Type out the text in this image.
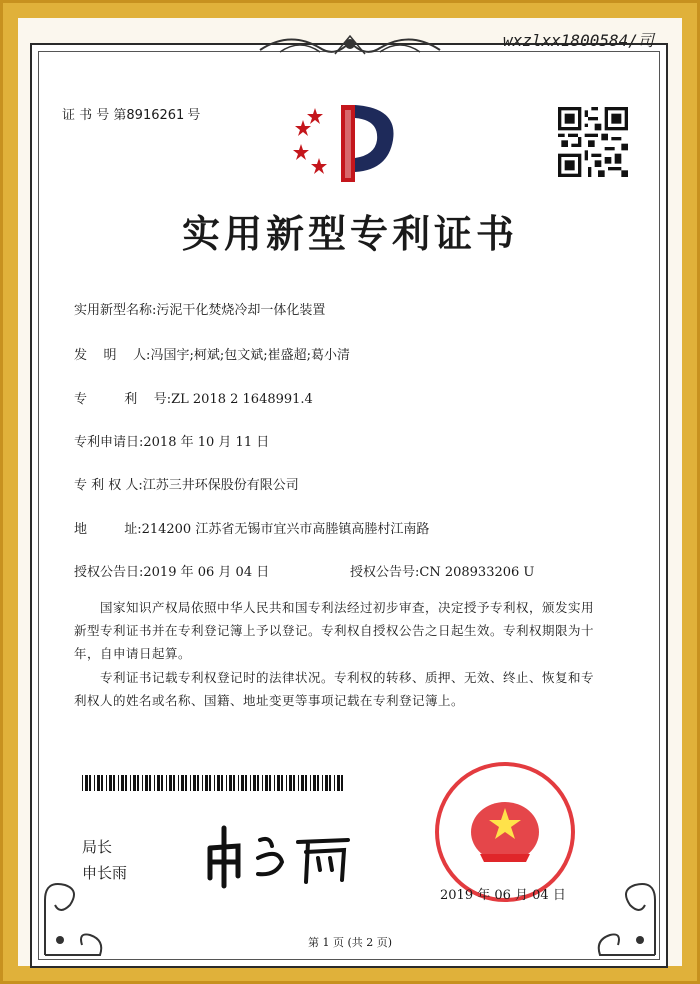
wxzlxx1800584/司
证 书 号 第8916261 号
实用新型专利证书
实用新型名称:污泥干化焚烧冷却一体化装置
发    明    人:冯国宇;柯斌;包文斌;崔盛超;葛小清
专         利    号:ZL 2018 2 1648991.4
专利申请日:2018 年 10 月 11 日
专 利 权 人:江苏三井环保股份有限公司
地         址:214200 江苏省无锡市宜兴市高塍镇高塍村江南路
授权公告日:2019 年 06 月 04 日	授权公告号:CN 208933206 U
国家知识产权局依照中华人民共和国专利法经过初步审查，决定授予专利权，颁发实用
新型专利证书并在专利登记簿上予以登记。专利权自授权公告之日起生效。专利权期限为十
年，自申请日起算。
专利证书记载专利权登记时的法律状况。专利权的转移、质押、无效、终止、恢复和专
利权人的姓名或名称、国籍、地址变更等事项记载在专利登记簿上。
局长
申长雨
2019 年 06 月 04 日
第 1 页 (共 2 页)
